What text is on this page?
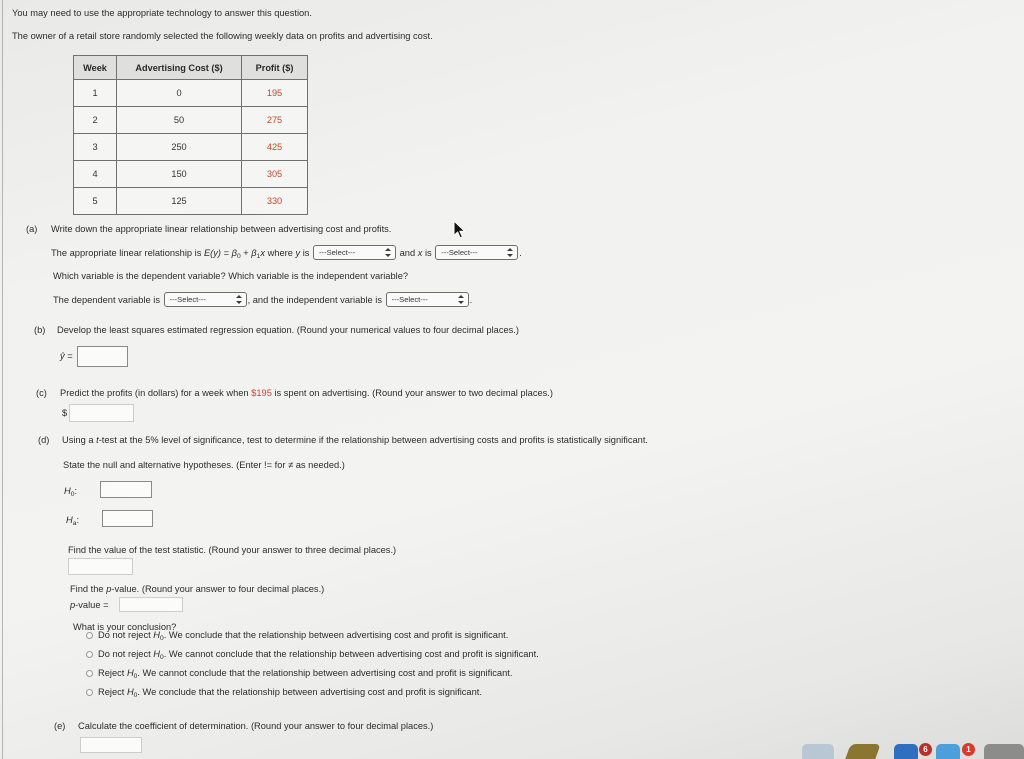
You may need to use the appropriate technology to answer this question.
The owner of a retail store randomly selected the following weekly data on profits and advertising cost.
Week	Advertising Cost ($)	Profit ($)
1	0	195
2	50	275
3	250	425
4	150	305
5	125	330
(a) Write down the appropriate linear relationship between advertising cost and profits.
The appropriate linear relationship is $E(y) = \beta_0 + \beta_1x$ where y is ---Select---	and x is ---Select---	.
Which variable is the dependent variable? Which variable is the independent variable?
The dependent variable is ---Select---	, and the independent variable is ---Select---	.
(b) Develop the least squares estimated regression equation. (Round your numerical values to four decimal places.)
ŷ =
(c) Predict the profits (in dollars) for a week when $195 is spent on advertising. (Round your answer to two decimal places.)
$
(d) Using a t-test at the 5% level of significance, test to determine if the relationship between advertising costs and profits is statistically significant.
State the null and alternative hypotheses. (Enter != for ≠ as needed.)
$H_0$:
$H_a$:
Find the value of the test statistic. (Round your answer to three decimal places.)
Find the p-value. (Round your answer to four decimal places.)
p-value =
What is your conclusion?
Do not reject $H_0$. We conclude that the relationship between advertising cost and profit is significant.
Do not reject $H_0$. We cannot conclude that the relationship between advertising cost and profit is significant.
Reject $H_0$. We cannot conclude that the relationship between advertising cost and profit is significant.
Reject $H_0$. We conclude that the relationship between advertising cost and profit is significant.
(e) Calculate the coefficient of determination. (Round your answer to four decimal places.)
6	1
